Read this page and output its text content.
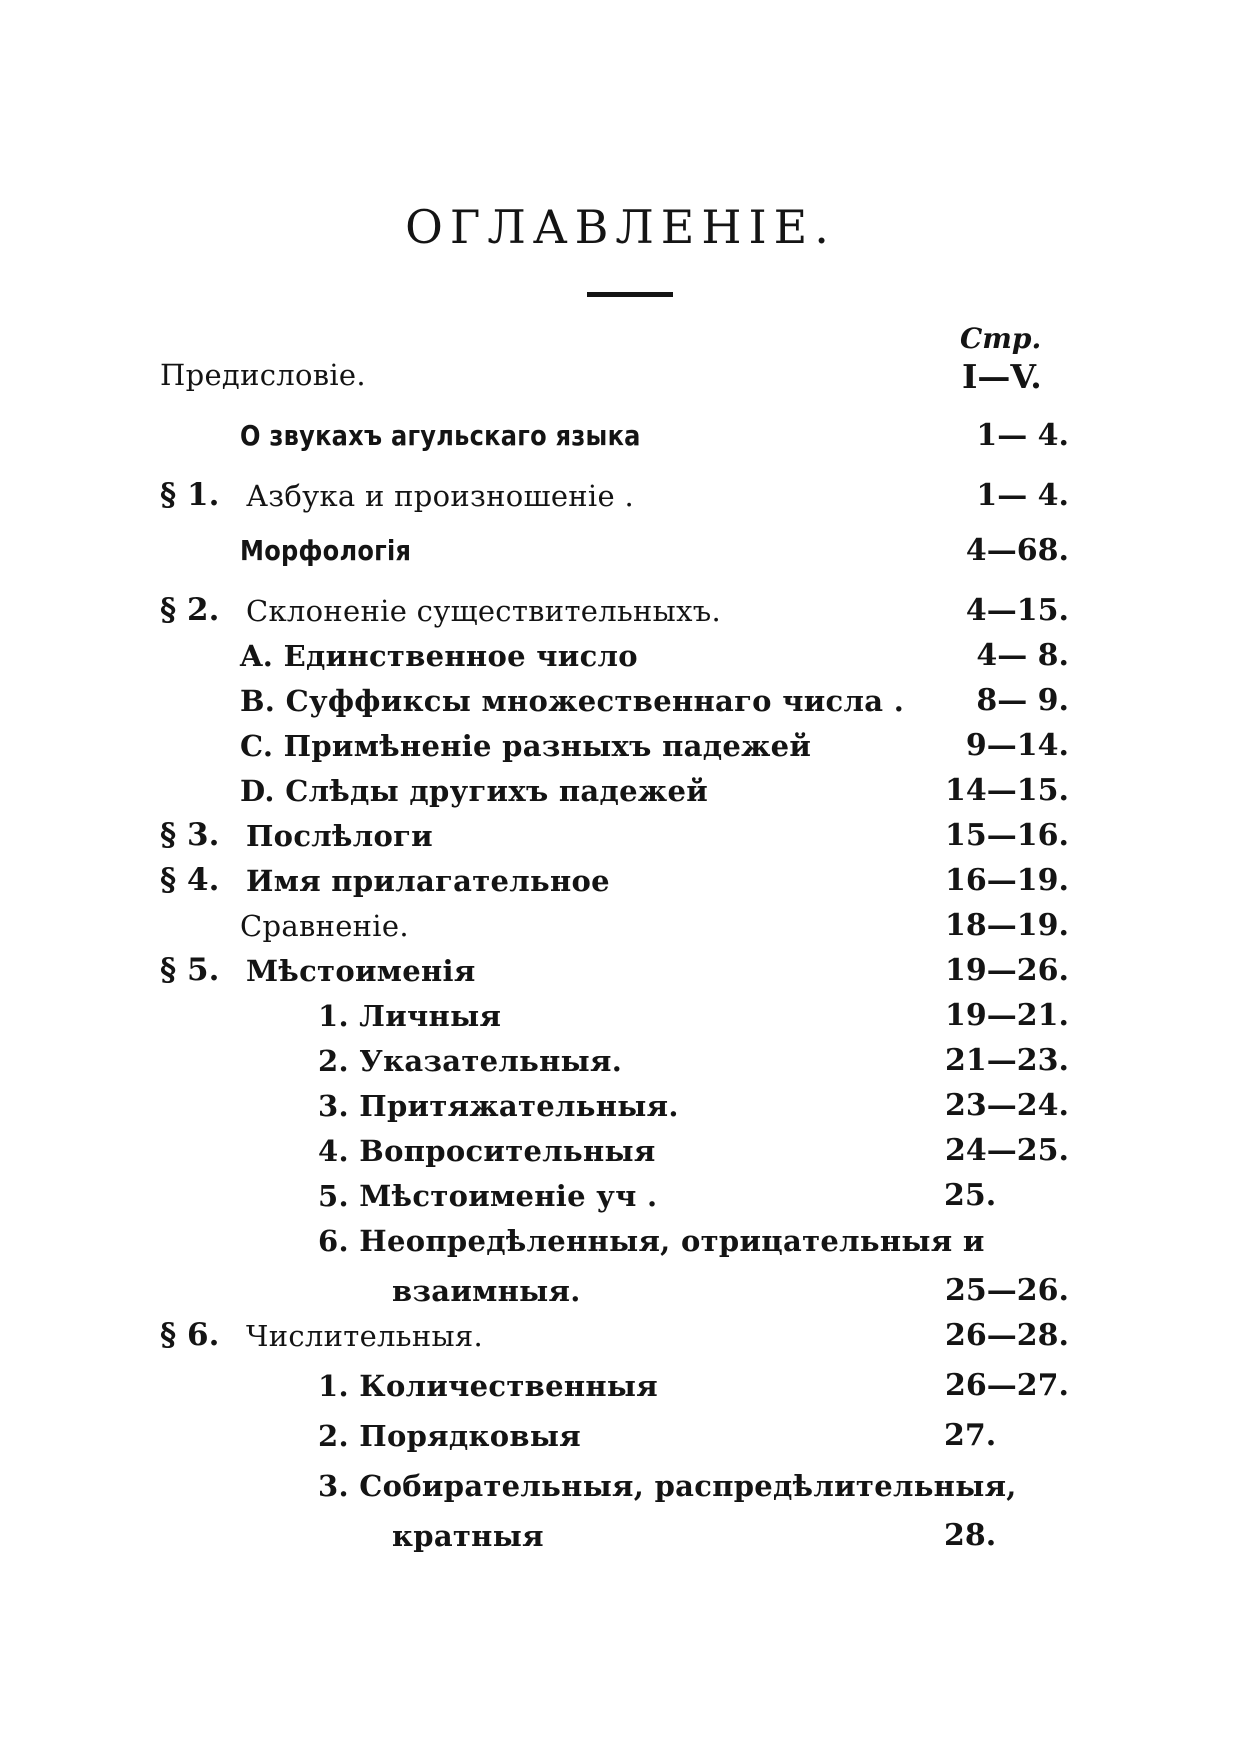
ОГЛАВЛЕНІЕ.
Стр.
Предисловіе.	I—V.
О звукахъ агульскаго языка	1— 4.
§ 1. Азбука и произношеніе .	1— 4.
Морфологія	4—68.
§ 2. Склоненіе существительныхъ.	4—15.
A. Единственное число	4— 8.
B. Суффиксы множественнаго числа . 8— 9.
C. Примѣненіе разныхъ падежей	9—14.
D. Слѣды другихъ падежей	14—15.
§ 3. Послѣлоги	15—16.
§ 4. Имя прилагательное	16—19.
Сравненіе.	18—19.
§ 5. Мѣстоименія	19—26.
1. Личныя	19—21.
2. Указательныя.	21—23.
3. Притяжательныя.	23—24.
4. Вопросительныя	24—25.
5. Мѣстоименіе уч .	25.
6. Неопредѣленныя, отрицательныя и
взаимныя.	25—26.
§ 6. Числительныя.	26—28.
1. Количественныя	26—27.
2. Порядковыя	27.
3. Собирательныя, распредѣлительныя,
кратныя	28.
